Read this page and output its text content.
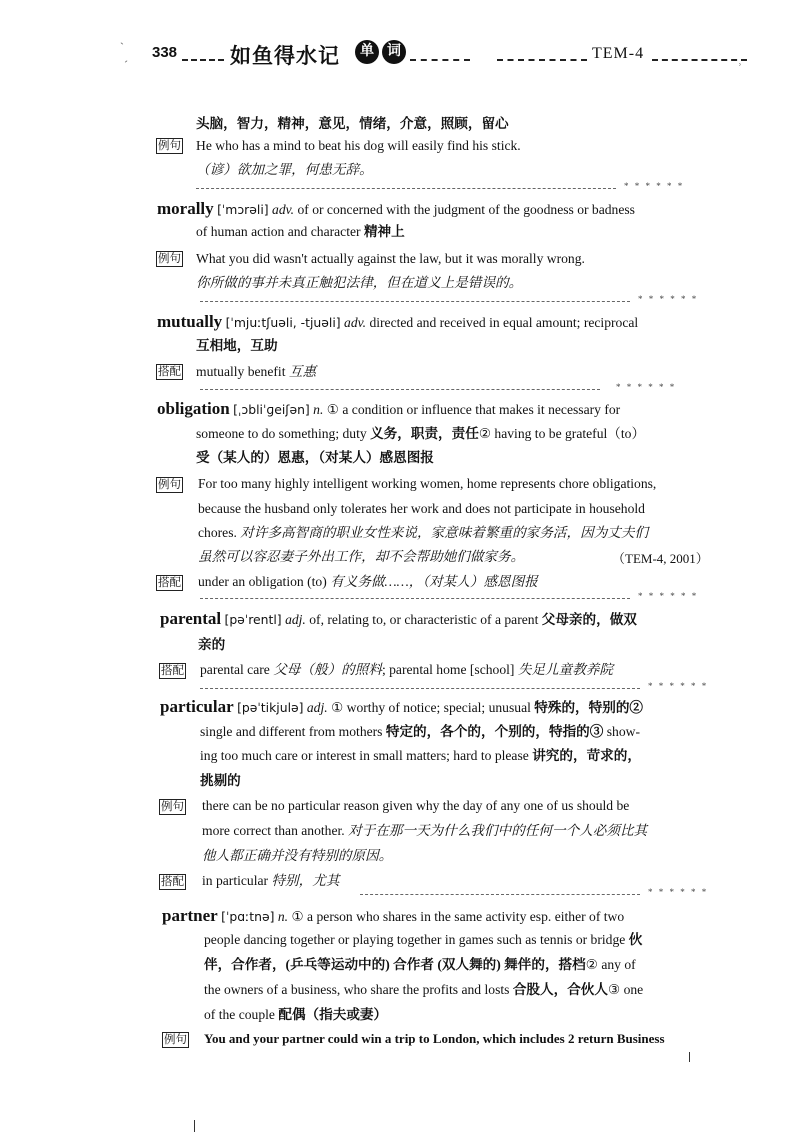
ˋ
ˊ	⸒
338	如鱼得水记	单 词	TEM-4
头脑，智力，精神，意见，情绪，介意，照顾，留心
例句 He who has a mind to beat his dog will easily find his stick.
（谚）欲加之罪，何患无辞。
* * * * * *
morally [ˈmɔrəli] adv. of or concerned with the judgment of the goodness or badness
of human action and character 精神上
例句 What you did wasn't actually against the law, but it was morally wrong.
你所做的事并未真正触犯法律，但在道义上是错误的。
* * * * * *
mutually [ˈmjuːtʃuəli, -tjuəli] adv. directed and received in equal amount; reciprocal
互相地，互助
搭配 mutually benefit 互惠
* * * * * *
obligation [ˌɔbliˈɡeiʃən] n. ① a condition or influence that makes it necessary for
someone to do something; duty 义务，职责，责任② having to be grateful（to）
受（某人的）恩惠，（对某人）感恩图报
例句 For too many highly intelligent working women, home represents chore obligations,
because the husband only tolerates her work and does not participate in household
chores. 对许多高智商的职业女性来说，家意味着繁重的家务活，因为丈夫们
虽然可以容忍妻子外出工作，却不会帮助她们做家务。	（TEM-4, 2001）
搭配 under an obligation (to) 有义务做……，（对某人）感恩图报
* * * * * *
parental [pəˈrentl] adj. of, relating to, or characteristic of a parent 父母亲的，做双
亲的
搭配 parental care 父母（般）的照料; parental home [school] 失足儿童教养院
* * * * * *
particular [pəˈtikjulə] adj. ① worthy of notice; special; unusual 特殊的，特别的②
single and different from mothers 特定的，各个的，个别的，特指的③ show-
ing too much care or interest in small matters; hard to please 讲究的，苛求的，
挑剔的
例句 there can be no particular reason given why the day of any one of us should be
more correct than another. 对于在那一天为什么我们中的任何一个人必须比其
他人都正确并没有特别的原因。
搭配 in particular 特别，尤其
* * * * * *
partner [ˈpɑːtnə] n. ① a person who shares in the same activity esp. either of two
people dancing together or playing together in games such as tennis or bridge 伙
伴，合作者，(乒乓等运动中的) 合作者 (双人舞的) 舞伴的，搭档② any of
the owners of a business, who share the profits and losts 合股人，合伙人③ one
of the couple 配偶（指夫或妻）
例句 You and your partner could win a trip to London, which includes 2 return Business
